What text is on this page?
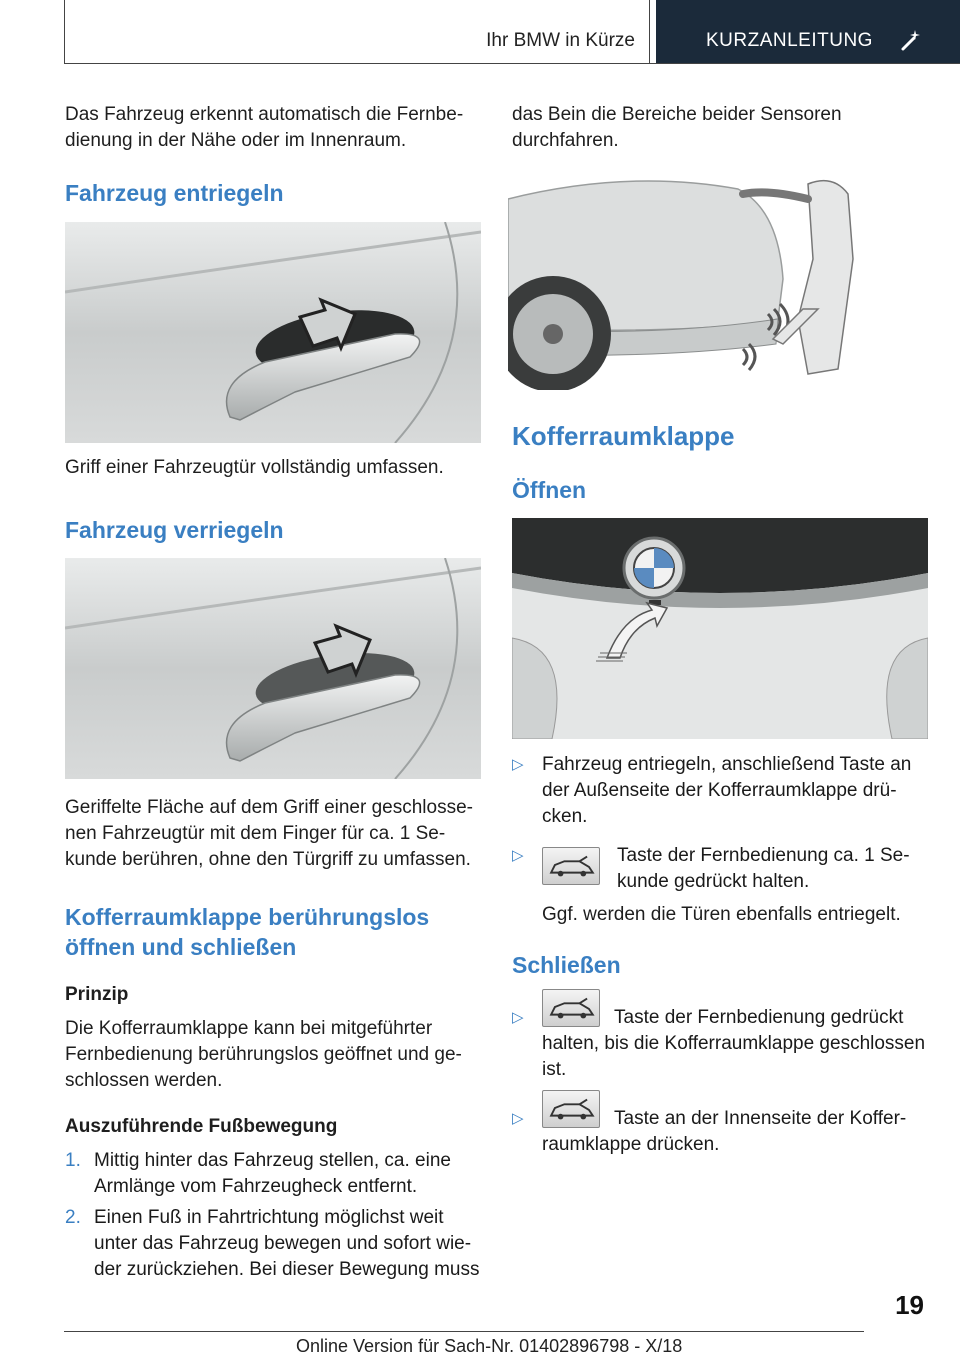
Ihr BMW in Kürze	KURZANLEITUNG
Das Fahrzeug erkennt automatisch die Fernbe-
dienung in der Nähe oder im Innenraum.
Fahrzeug entriegeln
Griff einer Fahrzeugtür vollständig umfassen.
Fahrzeug verriegeln
Geriffelte Fläche auf dem Griff einer geschlosse-
nen Fahrzeugtür mit dem Finger für ca. 1 Se-
kunde berühren, ohne den Türgriff zu umfassen.
Kofferraumklappe berührungslos
öffnen und schließen
Prinzip
Die Kofferraumklappe kann bei mitgeführter
Fernbedienung berührungslos geöffnet und ge-
schlossen werden.
Auszuführende Fußbewegung
1. Mittig hinter das Fahrzeug stellen, ca. eine
Armlänge vom Fahrzeugheck entfernt.
2. Einen Fuß in Fahrtrichtung möglichst weit
unter das Fahrzeug bewegen und sofort wie-
der zurückziehen. Bei dieser Bewegung muss
das Bein die Bereiche beider Sensoren
durchfahren.
Kofferraumklappe
Öffnen
▷ Fahrzeug entriegeln, anschließend Taste an
der Außenseite der Kofferraumklappe drü-
cken.
▷	Taste der Fernbedienung ca. 1 Se-
kunde gedrückt halten.
Ggf. werden die Türen ebenfalls entriegelt.
Schließen
▷	Taste der Fernbedienung gedrückt
halten, bis die Kofferraumklappe geschlossen
ist.
▷	Taste an der Innenseite der Koffer-
raumklappe drücken.
19
Online Version für Sach-Nr. 01402896798 - X/18
